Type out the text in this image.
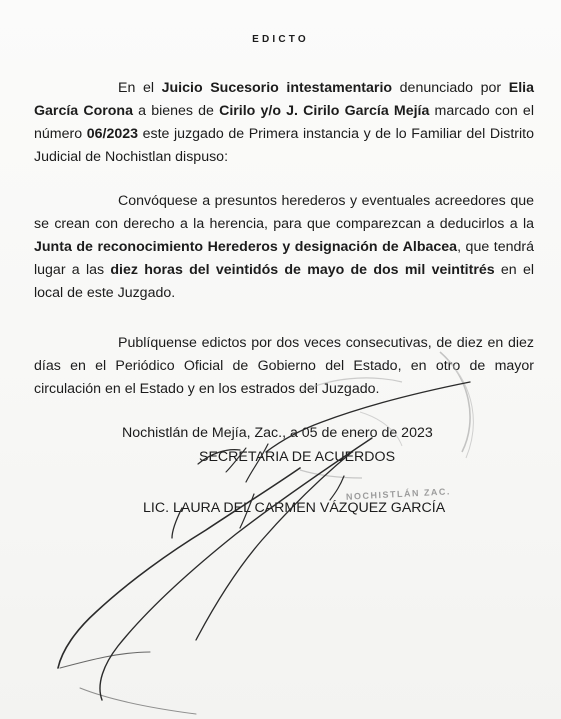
EDICTO

En el Juicio Sucesorio intestamentario denunciado por Elia García Corona a bienes de Cirilo y/o J. Cirilo García Mejía marcado con el número 06/2023 este juzgado de Primera instancia y de lo Familiar del Distrito Judicial de Nochistlan dispuso:

Convóquese a presuntos herederos y eventuales acreedores que se crean con derecho a la herencia, para que comparezcan a deducirlos a la Junta de reconocimiento Herederos y designación de Albacea, que tendrá lugar a las diez horas del veintidós de mayo de dos mil veintitrés en el local de este Juzgado.

Publíquense edictos por dos veces consecutivas, de diez en diez días en el Periódico Oficial de Gobierno del Estado, en otro de mayor circulación en el Estado y en los estrados del Juzgado.

Nochistlán de Mejía, Zac., a 05 de enero de 2023
SECRETARIA DE ACUERDOS
LIC. LAURA DEL CARMEN VÁZQUEZ GARCÍA
NOCHISTLÁN ZAC.
